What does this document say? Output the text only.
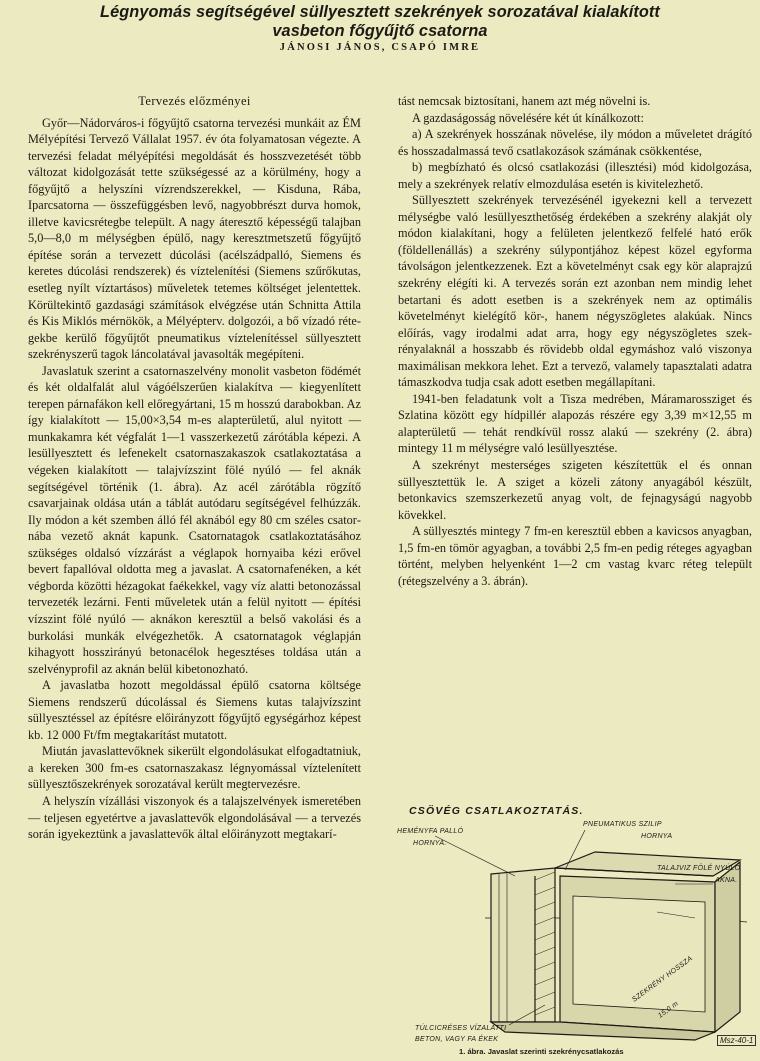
Légnyomás segítségével süllyesztett szekrények sorozatával kialakított
vasbeton főgyűjtő csatorna
JÁNOSI JÁNOS, CSAPÓ IMRE
Tervezés előzményei

Győr—Nádorváros-i főgyűjtő csatorna tervezési munkáit az ÉM Mélyépítési Tervező Vállalat 1957. év óta folyamatosan végezte. A tervezési feladat mélyépítési megoldását és hosszvezetését több változat kidolgozását tette szükségessé az a körülmény, hogy a főgyűjtő a helyszíni vízrendszerekkel, — Kisduna, Rába, Iparcsatorna — összefüggésben levő, nagyobbrészt durva homok, illetve kavicsrétegbe települt. A nagy áteresztő képességű talajban 5,0—8,0 m mélységben épülő, nagy keresztmetszetű főgyűjtő építése során a tervezett dúcolási (acélszádpalló, Siemens és keretes dúcolási rendszerek) és víztelenítési (Siemens szűrőkutas, esetleg nyílt víztartásos) műveletek tetemes költséget jelentettek. Körültekintő gazdasági számítások elvégzése után Schnitta Attila és Kis Miklós mérnökök, a Mélyépterv. dolgozói, a bő vízadó rétegekbe kerülő főgyűjtőt pneumatikus víztelenítéssel süllyesztett szekrényszerű tagok láncolatával javasolták megépíteni.

Javaslatuk szerint a csatornaszelvény monolit vasbeton födémét és két oldalfalát alul vágóélszerűen kialakítva — kiegyenlített terepen párnafákon kell előregyártani, 15 m hosszú darabokban. Az így kialakított — 15,00×3,54 m-es alapterületű, alul nyitott — munkakamra két végfalát 1—1 vasszerkezetű zárótábla képezi. A lesüllyesztett és lefenekelt csatornaszakaszok csatlakoztatása a végeken kialakított — talajvízszint fölé nyúló — fel aknák segítségével történik (1. ábra). Az acél zárótábla rögzítő csavarjainak oldása után a táblát autódaru segítségével felhúzzák. Ily módon a két szemben álló fél aknából egy 80 cm széles csatornába vezető aknát kapunk. Csatornatagok csatlakoztatásához szükséges oldalsó vízzárást a véglapok hornyaiba kézi erővel bevert fapallóval oldotta meg a javaslat. A csatornafenéken, a két végborda közötti hézagokat faékekkel, vagy víz alatti betonozással tervezeték lezárni. Fenti műveletek után a felül nyitott — építési vízszint fölé nyúló — aknákon keresztül a belső vakolási és a burkolási munkák elvégezhetők. A csatornatagok véglapján kihagyott hosszirányú betonacélok hegesztéses toldása után a szelvényprofil az aknán belül kibetonozható.

A javaslatba hozott megoldással épülő csatorna költsége Siemens rendszerű dúcolással és Siemens kutas talajvízszint süllyesztéssel az építésre előirányzott főgyűjtő egységárhoz képest kb. 12 000 Ft/fm megtakarítást mutatott.

Miután javaslattevőknek sikerült elgondolásukat elfogadtatniuk, a kereken 300 fm-es csatornaszakasz légnyomással víztelenített süllyesztőszekrények sorozatával került megtervezésre.

A helyszín vízállási viszonyok és a talajszelvények ismeretében — teljesen egyetértve a javaslattevők elgondolásával — a tervezés során igyekeztünk a javaslattevők által előirányzott megtakarí-

tást nemcsak biztosítani, hanem azt még növelni is.

A gazdaságosság növelésére két út kínálkozott:

a) A szekrények hosszának növelése, ily módon a műveletet drágító és hosszadalmassá tevő csatlakozások számának csökkentése,

b) megbízható és olcsó csatlakozási (illesztési) mód kidolgozása, mely a szekrények relatív elmozdulása esetén is kivitelezhető.

Süllyesztett szekrények tervezésénél igyekezni kell a tervezett mélységbe való lesüllyeszthetőség érdekében a szekrény alakját oly módon kialakítani, hogy a felületen jelentkező felfelé ható erők (földellenállás) a szekrény súlypontjához képest közel egyforma távolságon jelentkezzenek. Ezt a követelményt csak egy kör alaprajzú szekrény elégíti ki. A tervezés során ezt azonban nem mindig lehet betartani és adott esetben is a szekrények nem az optimális követelményt kielégítő kör-, hanem négyszögletes alakúak. Nincs előírás, vagy irodalmi adat arra, hogy egy négyszögletes szekrényalaknál a hosszabb és rövidebb oldal egymáshoz való viszonya maximálisan mekkora lehet. Ezt a tervező, valamely tapasztalati adatra támaszkodva tudja csak adott esetben megállapítani.

1941-ben feladatunk volt a Tisza medrében, Máramarossziget és Szlatina között egy hídpillér alapozás részére egy 3,39 m×12,55 m alapterületű — tehát rendkívül rossz alakú — szekrény (2. ábra) mintegy 11 m mélységre való lesüllyesztése.

A szekrényt mesterséges szigeten készítettük el és onnan süllyesztettük le. A sziget a közeli zátony anyagából készült, betonkavics szemszerkezetű anyag volt, de fejnagyságú nagyobb kövekkel.

A süllyesztés mintegy 7 fm-en keresztül ebben a kavicsos anyagban, 1,5 fm-en tömör agyagban, a további 2,5 fm-en pedig réteges agyagban történt, melyben helyenként 1—2 cm vastag kvarc réteg települt (rétegszelvény a 3. ábrán).

CSÖVÉG CSATLAKOZTATÁS.
HEMÉNYFA PALLÓ
HORNYA.
PNEUMATIKUS SZILIP
HORNYA
TALAJVIZ FÖLÉ NYÚLÓ
AKNA.
TÚLCICRÉSES VÍZALATTI
BETON, VAGY FA ÉKEK
SZEKRÉNY HOSSZA
15,0 m
Msz-40-1
1. ábra. Javaslat szerinti szekrénycsatlakozás
